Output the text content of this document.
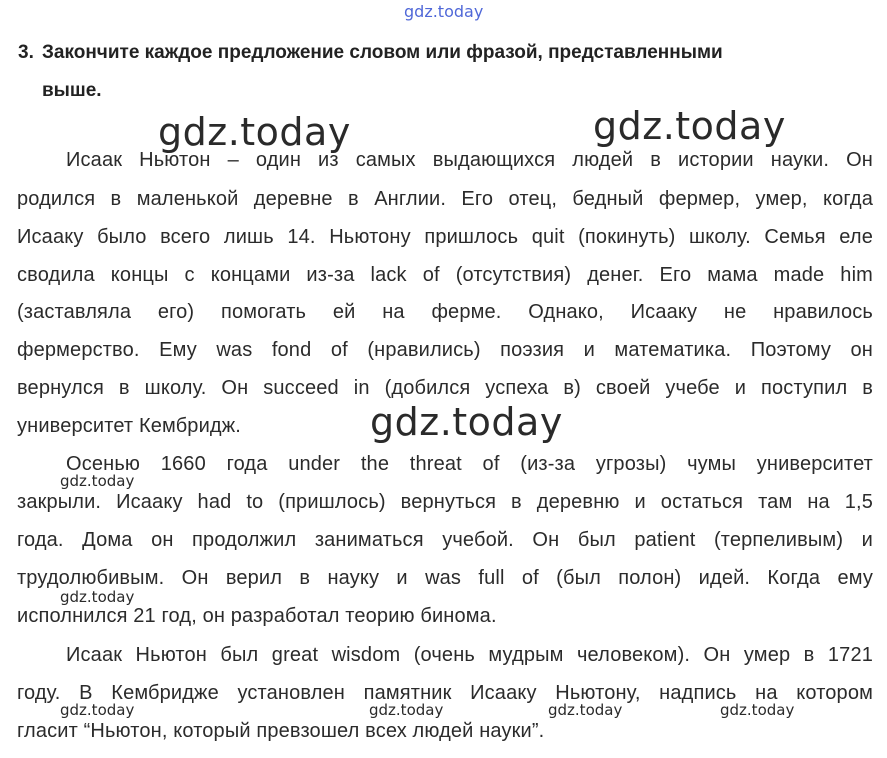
gdz.today
3. Закончите каждое предложение словом или фразой, представленными
выше.
gdz.today	gdz.today
Исаак Ньютон – один из самых выдающихся людей в истории науки. Он
родился в маленькой деревне в Англии. Его отец, бедный фермер, умер, когда
Исааку было всего лишь 14. Ньютону пришлось quit (покинуть) школу. Семья еле
сводила концы с концами из-за lack of (отсутствия) денег. Его мама made him
(заставляла его) помогать ей на ферме. Однако, Исааку не нравилось
фермерство. Ему was fond of (нравились) поэзия и математика. Поэтому он
вернулся в школу. Он succeed in (добился успеха в) своей учебе и поступил в
университет Кембридж.	gdz.today
Осенью 1660 года under the threat of (из-за угрозы) чумы университет
gdz.today
закрыли. Исааку had to (пришлось) вернуться в деревню и остаться там на 1,5
года. Дома он продолжил заниматься учебой. Он был patient (терпеливым) и
трудолюбивым. Он верил в науку и was full of (был полон) идей. Когда ему
gdz.today
исполнился 21 год, он разработал теорию бинома.
Исаак Ньютон был great wisdom (очень мудрым человеком). Он умер в 1721
году. В Кембридже установлен памятник Исааку Ньютону, надпись на котором
gdz.today	gdz.today	gdz.today	gdz.today
гласит “Ньютон, который превзошел всех людей науки”.
